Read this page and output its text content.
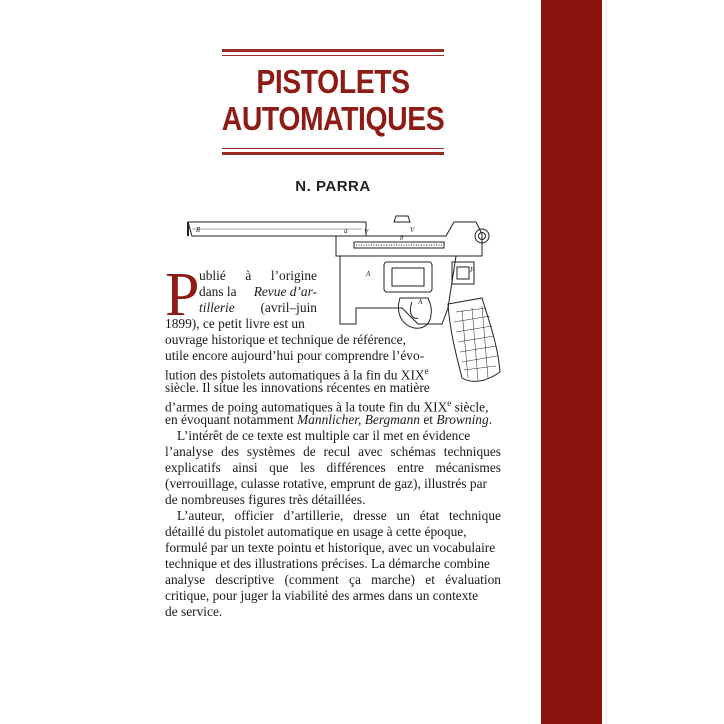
PISTOLETS
AUTOMATIQUES
N. PARRA
R	a V
b
A
A
F
V
P ublié à l’origine
dans la Revue d’ar-
tillerie (avril–juin
1899), ce petit livre est un
ouvrage historique et technique de référence,
utile encore aujourd’hui pour comprendre l’évo-
lution des pistolets automatiques à la fin du XIXe
siècle. Il situe les innovations récentes en matière
d’armes de poing automatiques à la toute fin du XIXe siècle,
en évoquant notamment Mannlicher, Bergmann et Browning.
L’intérêt de ce texte est multiple car il met en évidence
l’analyse des systèmes de recul avec schémas techniques
explicatifs ainsi que les différences entre mécanismes
(verrouillage, culasse rotative, emprunt de gaz), illustrés par
de nombreuses figures très détaillées.
L’auteur, officier d’artillerie, dresse un état technique
détaillé du pistolet automatique en usage à cette époque,
formulé par un texte pointu et historique, avec un vocabulaire
technique et des illustrations précises. La démarche combine
analyse descriptive (comment ça marche) et évaluation
critique, pour juger la viabilité des armes dans un contexte
de service.
